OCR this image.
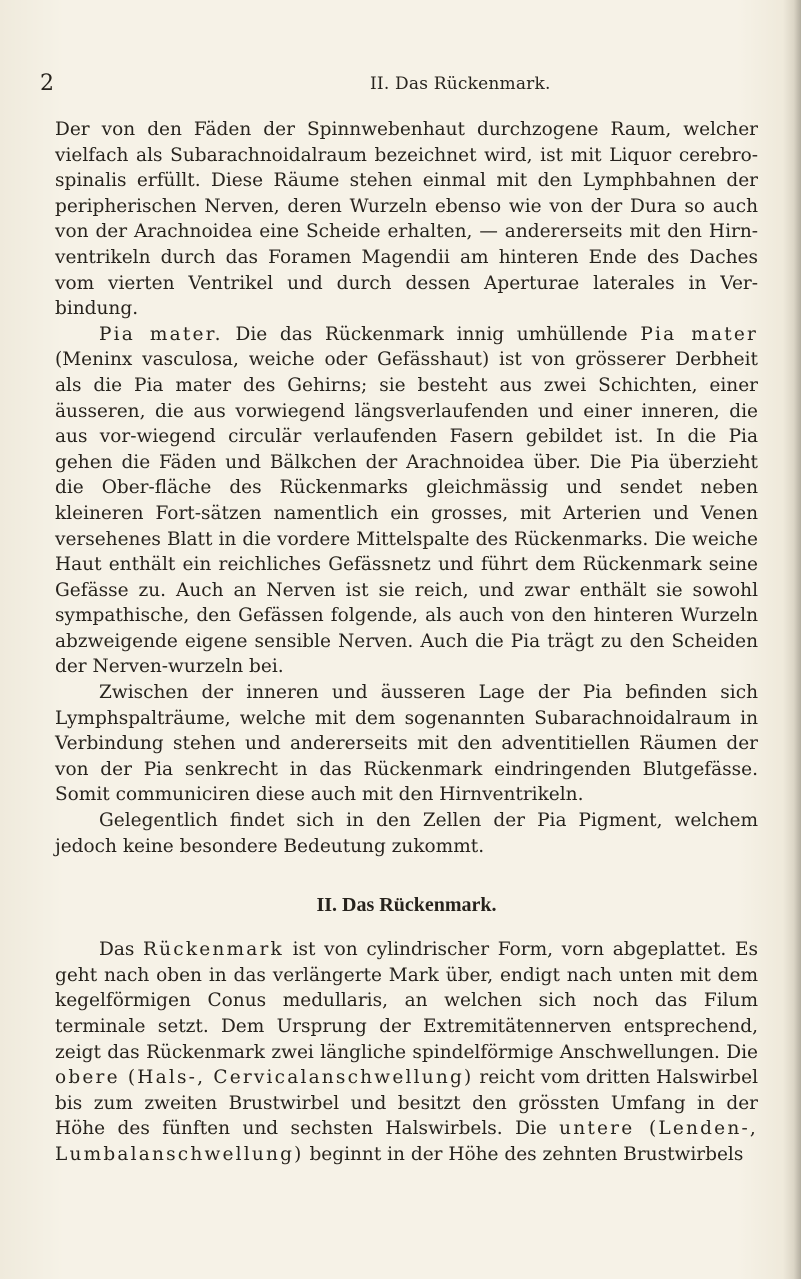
2	II. Das Rückenmark.

Der von den Fäden der Spinnwebenhaut durchzogene Raum, welcher vielfach als Subarachnoidalraum bezeichnet wird, ist mit Liquor cerebro-spinalis erfüllt. Diese Räume stehen einmal mit den Lymphbahnen der peripherischen Nerven, deren Wurzeln ebenso wie von der Dura so auch von der Arachnoidea eine Scheide erhalten, — andererseits mit den Hirn-ventrikeln durch das Foramen Magendii am hinteren Ende des Daches vom vierten Ventrikel und durch dessen Aperturae laterales in Ver-bindung.

Pia mater. Die das Rückenmark innig umhüllende Pia mater (Meninx vasculosa, weiche oder Gefässhaut) ist von grösserer Derbheit als die Pia mater des Gehirns; sie besteht aus zwei Schichten, einer äusseren, die aus vorwiegend längsverlaufenden und einer inneren, die aus vor-wiegend circulär verlaufenden Fasern gebildet ist. In die Pia gehen die Fäden und Bälkchen der Arachnoidea über. Die Pia überzieht die Ober-fläche des Rückenmarks gleichmässig und sendet neben kleineren Fort-sätzen namentlich ein grosses, mit Arterien und Venen versehenes Blatt in die vordere Mittelspalte des Rückenmarks. Die weiche Haut enthält ein reichliches Gefässnetz und führt dem Rückenmark seine Gefässe zu. Auch an Nerven ist sie reich, und zwar enthält sie sowohl sympathische, den Gefässen folgende, als auch von den hinteren Wurzeln abzweigende eigene sensible Nerven. Auch die Pia trägt zu den Scheiden der Nerven-wurzeln bei.

Zwischen der inneren und äusseren Lage der Pia befinden sich Lymphspalträume, welche mit dem sogenannten Subarachnoidalraum in Verbindung stehen und andererseits mit den adventitiellen Räumen der von der Pia senkrecht in das Rückenmark eindringenden Blutgefässe. Somit communiciren diese auch mit den Hirnventrikeln.

Gelegentlich findet sich in den Zellen der Pia Pigment, welchem jedoch keine besondere Bedeutung zukommt.

II. Das Rückenmark.

Das Rückenmark ist von cylindrischer Form, vorn abgeplattet. Es geht nach oben in das verlängerte Mark über, endigt nach unten mit dem kegelförmigen Conus medullaris, an welchen sich noch das Filum terminale setzt. Dem Ursprung der Extremitätennerven entsprechend, zeigt das Rückenmark zwei längliche spindelförmige Anschwellungen. Die obere (Hals-, Cervicalanschwellung) reicht vom dritten Halswirbel bis zum zweiten Brustwirbel und besitzt den grössten Umfang in der Höhe des fünften und sechsten Halswirbels. Die untere (Lenden-, Lumbalanschwellung) beginnt in der Höhe des zehnten Brustwirbels
